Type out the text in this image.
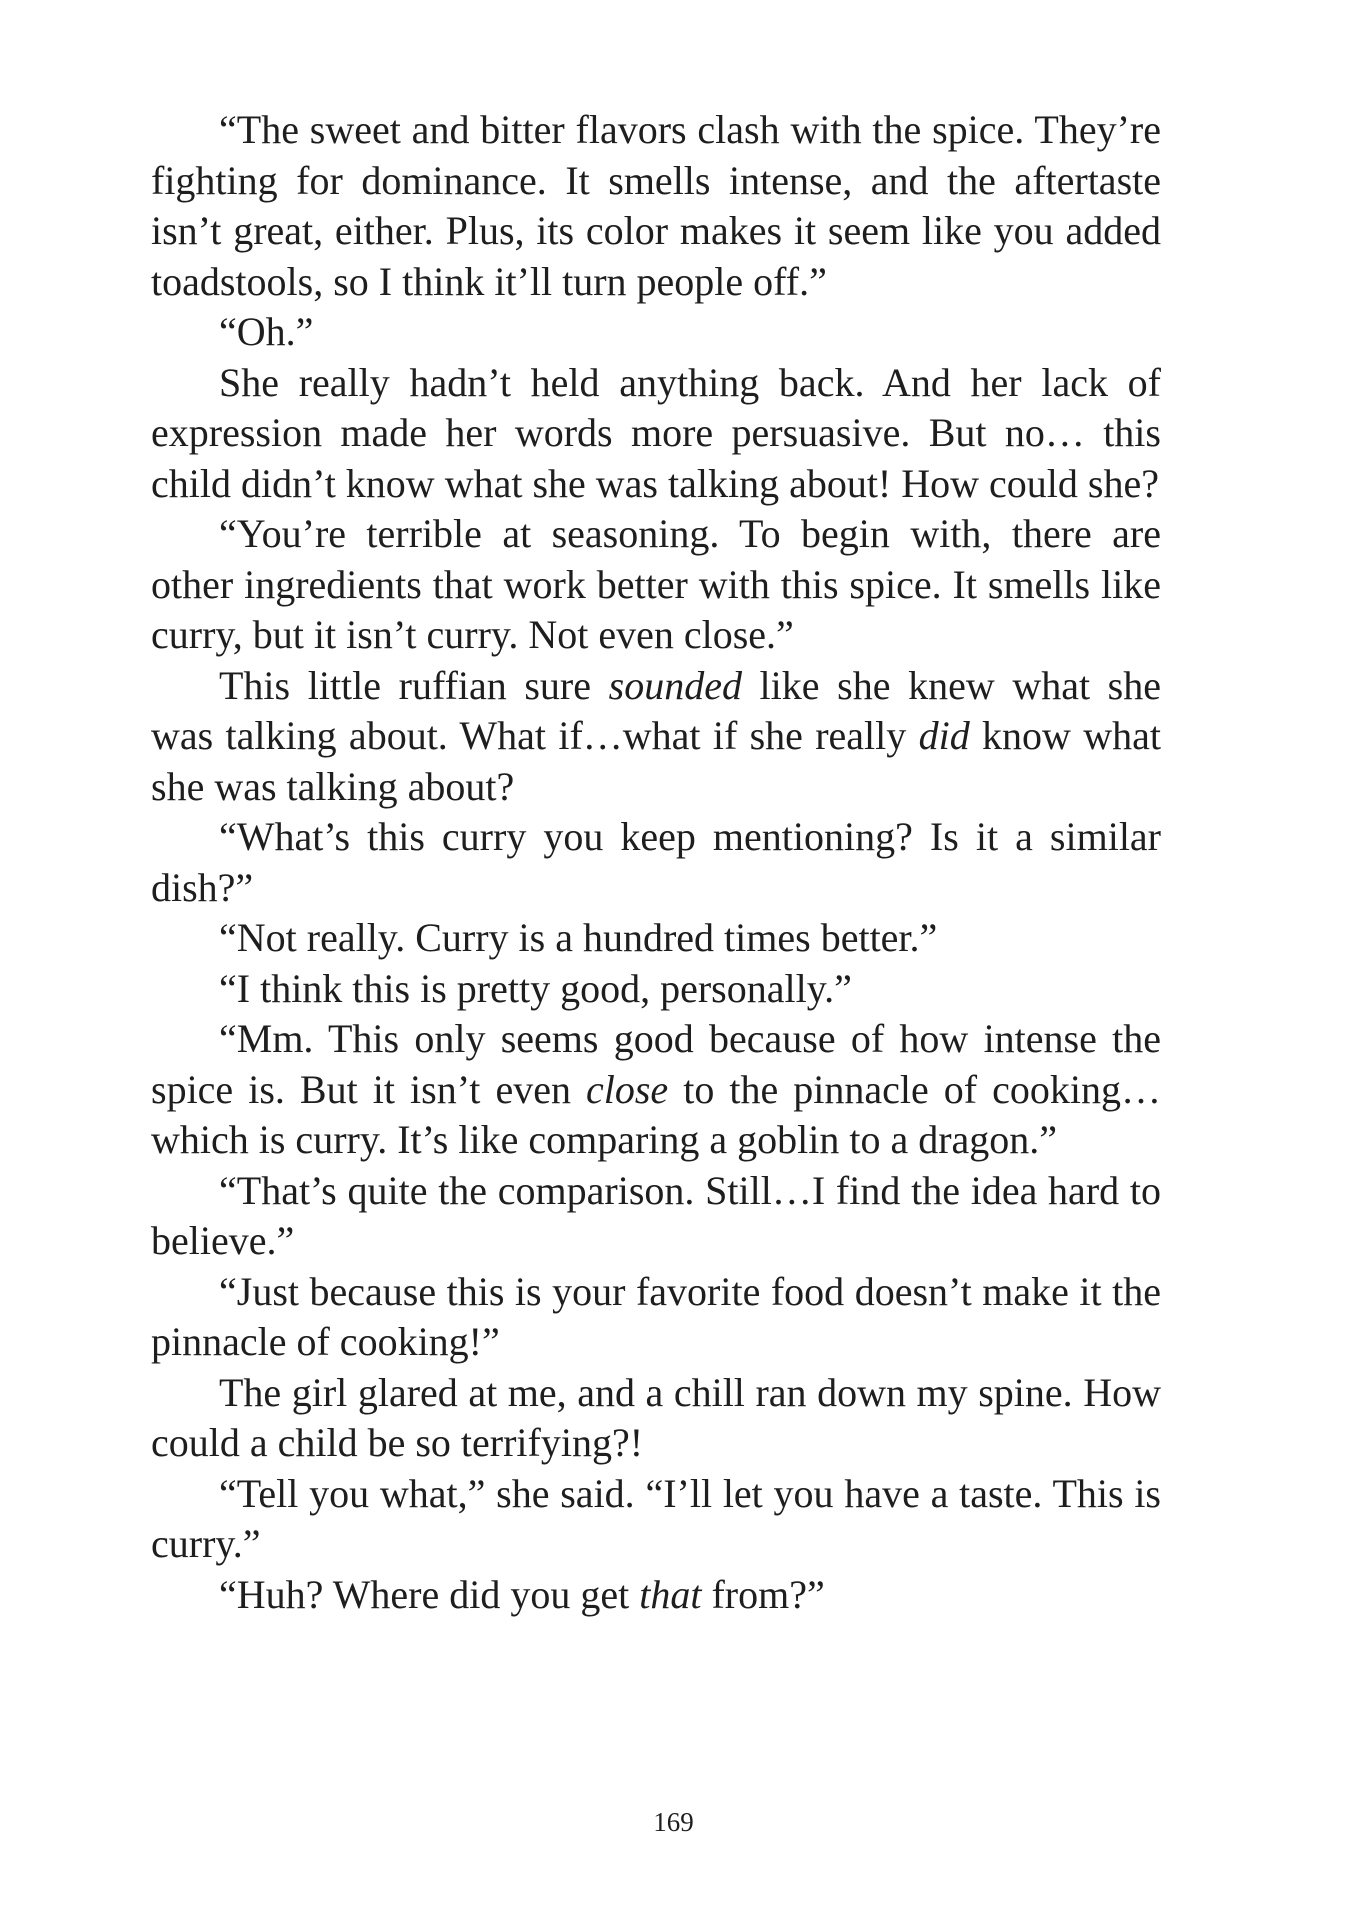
“The sweet and bitter flavors clash with the spice. They’re fighting for dominance. It smells intense, and the aftertaste isn’t great, either. Plus, its color makes it seem like you added toadstools, so I think it’ll turn people off.”

“Oh.”

She really hadn’t held anything back. And her lack of expression made her words more persuasive. But no… this child didn’t know what she was talking about! How could she?

“You’re terrible at seasoning. To begin with, there are other ingredients that work better with this spice. It smells like curry, but it isn’t curry. Not even close.”

This little ruffian sure sounded like she knew what she was talking about. What if…what if she really did know what she was talking about?

“What’s this curry you keep mentioning? Is it a similar dish?”

“Not really. Curry is a hundred times better.”

“I think this is pretty good, personally.”

“Mm. This only seems good because of how intense the spice is. But it isn’t even close to the pinnacle of cooking…which is curry. It’s like comparing a goblin to a dragon.”

“That’s quite the comparison. Still…I find the idea hard to believe.”

“Just because this is your favorite food doesn’t make it the pinnacle of cooking!”

The girl glared at me, and a chill ran down my spine. How could a child be so terrifying?!

“Tell you what,” she said. “I’ll let you have a taste. This is curry.”

“Huh? Where did you get that from?”

169
